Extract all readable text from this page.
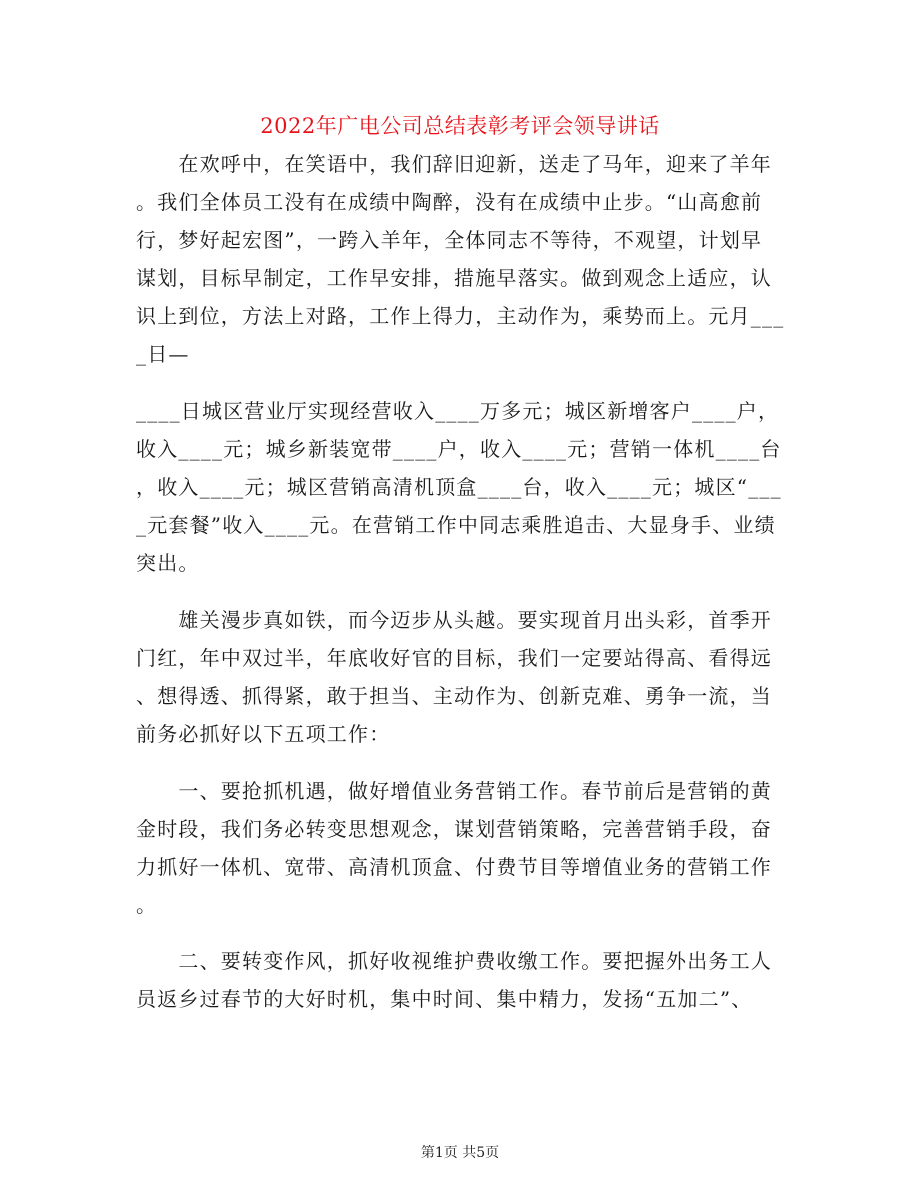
2022年广电公司总结表彰考评会领导讲话
　　在欢呼中，在笑语中，我们辞旧迎新，送走了马年，迎来了羊年
。我们全体员工没有在成绩中陶醉，没有在成绩中止步。“山高愈前
行，梦好起宏图”，一跨入羊年，全体同志不等待，不观望，计划早
谋划，目标早制定，工作早安排，措施早落实。做到观念上适应，认
识上到位，方法上对路，工作上得力，主动作为，乘势而上。元月___
_日—
____日城区营业厅实现经营收入____万多元；城区新增客户____户，
收入____元；城乡新装宽带____户，收入____元；营销一体机____台
，收入____元；城区营销高清机顶盒____台，收入____元；城区“___
_元套餐”收入____元。在营销工作中同志乘胜追击、大显身手、业绩
突出。
　　雄关漫步真如铁，而今迈步从头越。要实现首月出头彩，首季开
门红，年中双过半，年底收好官的目标，我们一定要站得高、看得远
、想得透、抓得紧，敢于担当、主动作为、创新克难、勇争一流，当
前务必抓好以下五项工作：
　　一、要抢抓机遇，做好增值业务营销工作。春节前后是营销的黄
金时段，我们务必转变思想观念，谋划营销策略，完善营销手段，奋
力抓好一体机、宽带、高清机顶盒、付费节目等增值业务的营销工作
。
　　二、要转变作风，抓好收视维护费收缴工作。要把握外出务工人
员返乡过春节的大好时机，集中时间、集中精力，发扬“五加二”、
第1页 共5页
